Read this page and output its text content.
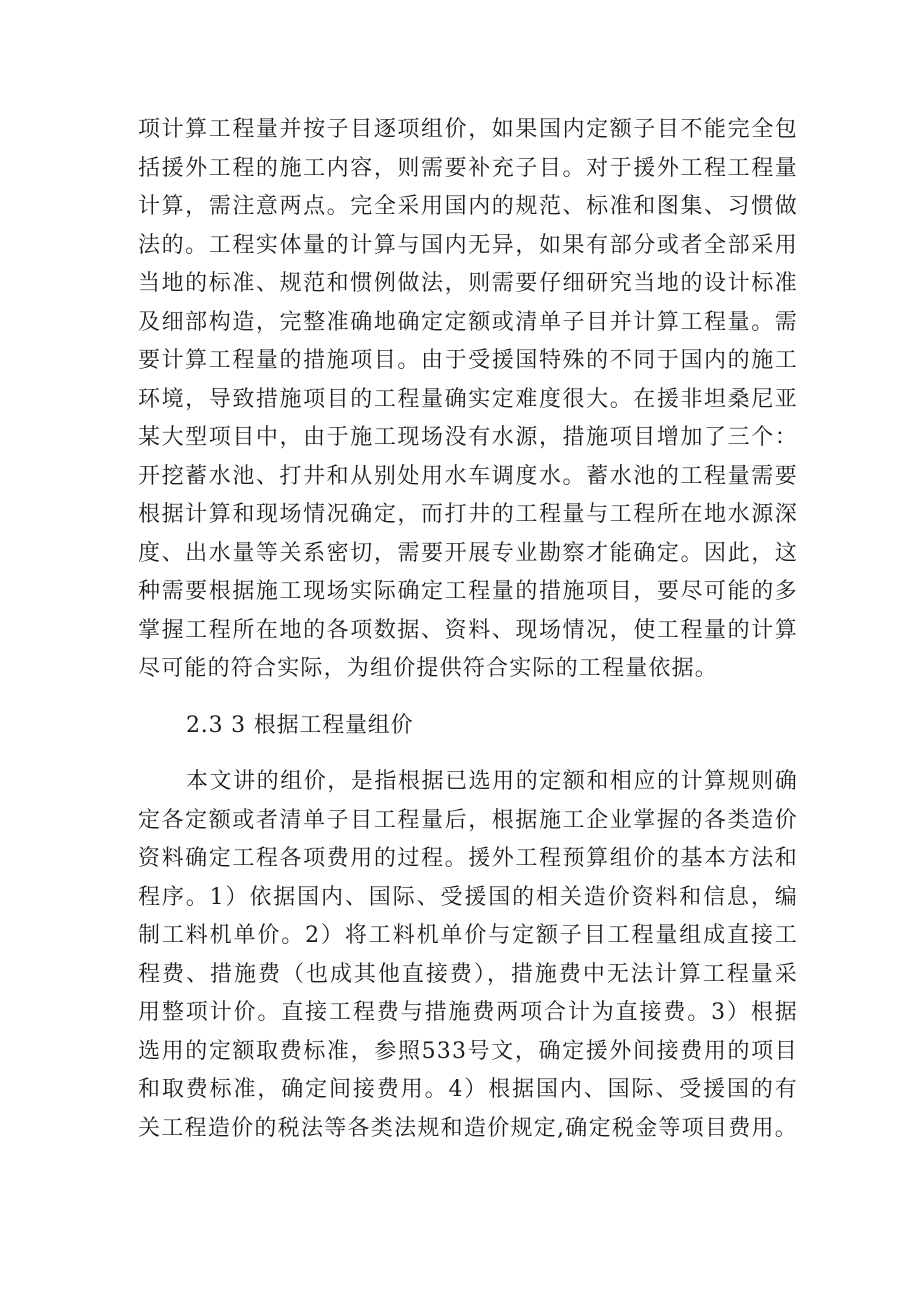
项计算工程量并按子目逐项组价，如果国内定额子目不能完全包
括援外工程的施工内容，则需要补充子目。对于援外工程工程量
计算，需注意两点。完全采用国内的规范、标准和图集、习惯做
法的。工程实体量的计算与国内无异，如果有部分或者全部采用
当地的标准、规范和惯例做法，则需要仔细研究当地的设计标准
及细部构造，完整准确地确定定额或清单子目并计算工程量。需
要计算工程量的措施项目。由于受援国特殊的不同于国内的施工
环境，导致措施项目的工程量确实定难度很大。在援非坦桑尼亚
某大型项目中，由于施工现场没有水源，措施项目增加了三个：
开挖蓄水池、打井和从别处用水车调度水。蓄水池的工程量需要
根据计算和现场情况确定，而打井的工程量与工程所在地水源深
度、出水量等关系密切，需要开展专业勘察才能确定。因此，这
种需要根据施工现场实际确定工程量的措施项目，要尽可能的多
掌握工程所在地的各项数据、资料、现场情况，使工程量的计算
尽可能的符合实际，为组价提供符合实际的工程量依据。
2.3 3 根据工程量组价
本文讲的组价，是指根据已选用的定额和相应的计算规则确
定各定额或者清单子目工程量后，根据施工企业掌握的各类造价
资料确定工程各项费用的过程。援外工程预算组价的基本方法和
程序。1）依据国内、国际、受援国的相关造价资料和信息，编
制工料机单价。2）将工料机单价与定额子目工程量组成直接工
程费、措施费（也成其他直接费），措施费中无法计算工程量采
用整项计价。直接工程费与措施费两项合计为直接费。3）根据
选用的定额取费标准，参照533号文，确定援外间接费用的项目
和取费标准，确定间接费用。4）根据国内、国际、受援国的有
关工程造价的税法等各类法规和造价规定,确定税金等项目费用。
